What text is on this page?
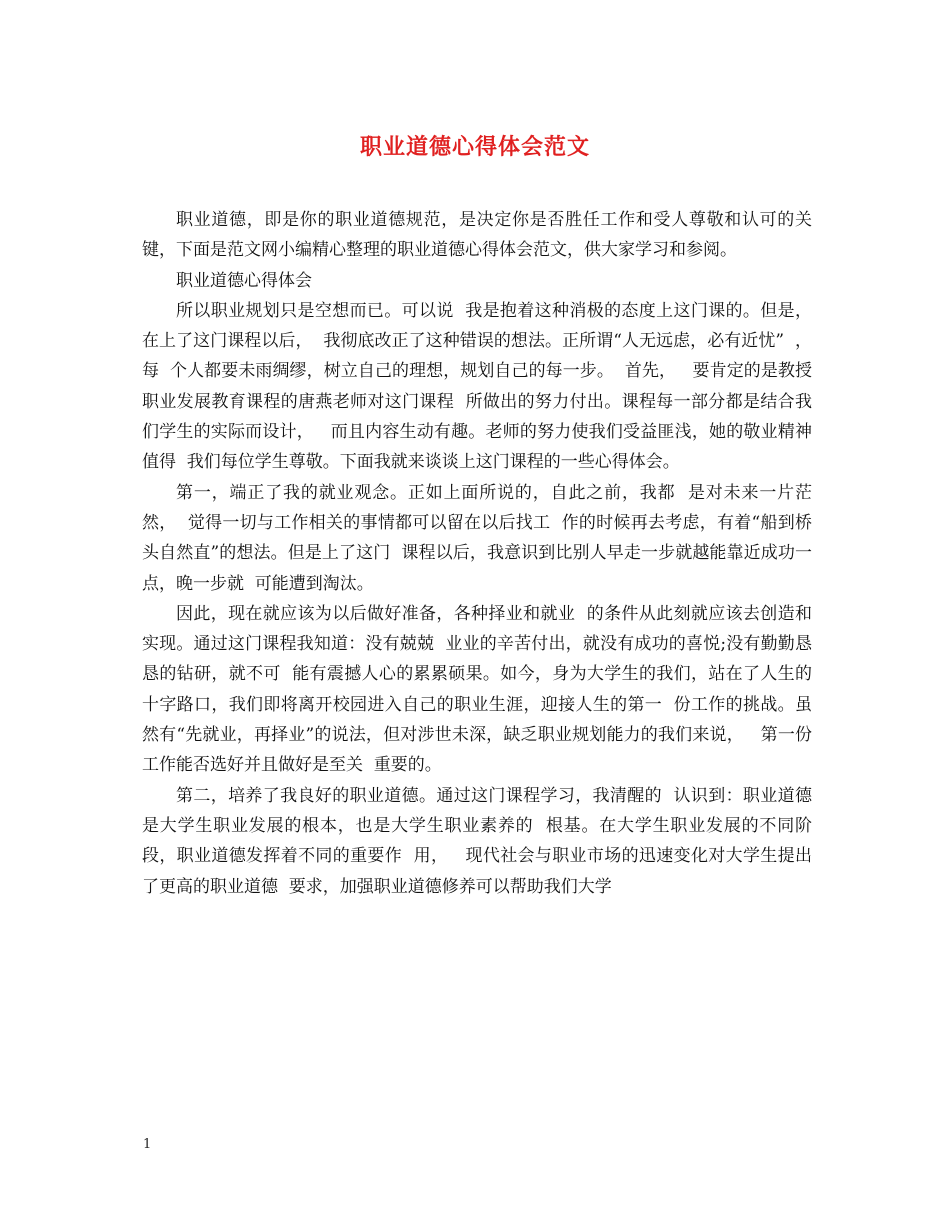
职业道德心得体会范文

职业道德，即是你的职业道德规范，是决定你是否胜任工作和受人尊敬和认可的关键，下面是范文网小编精心整理的职业道德心得体会范文，供大家学习和参阅。

职业道德心得体会

所以职业规划只是空想而已。可以说  我是抱着这种消极的态度上这门课的。但是，在上了这门课程以后，  我彻底改正了这种错误的想法。正所谓“人无远虑，必有近忧”  ，每  个人都要未雨绸缪，树立自己的理想，规划自己的每一步。  首先，   要肯定的是教授职业发展教育课程的唐燕老师对这门课程  所做出的努力付出。课程每一部分都是结合我们学生的实际而设计，   而且内容生动有趣。老师的努力使我们受益匪浅，她的敬业精神值得  我们每位学生尊敬。下面我就来谈谈上这门课程的一些心得体会。

第一，端正了我的就业观念。正如上面所说的，自此之前，我都  是对未来一片茫然，  觉得一切与工作相关的事情都可以留在以后找工  作的时候再去考虑，有着“船到桥头自然直”的想法。但是上了这门  课程以后，我意识到比别人早走一步就越能靠近成功一点，晚一步就  可能遭到淘汰。

因此，现在就应该为以后做好准备，各种择业和就业  的条件从此刻就应该去创造和实现。通过这门课程我知道：没有兢兢  业业的辛苦付出，就没有成功的喜悦;没有勤勤恳恳的钻研，就不可  能有震撼人心的累累硕果。如今，身为大学生的我们，站在了人生的  十字路口，我们即将离开校园进入自己的职业生涯，迎接人生的第一  份工作的挑战。虽然有“先就业，再择业”的说法，但对涉世未深，缺乏职业规划能力的我们来说，   第一份工作能否选好并且做好是至关  重要的。

第二，培养了我良好的职业道德。通过这门课程学习，我清醒的  认识到：职业道德是大学生职业发展的根本，也是大学生职业素养的  根基。在大学生职业发展的不同阶段，职业道德发挥着不同的重要作  用，   现代社会与职业市场的迅速变化对大学生提出了更高的职业道德  要求，加强职业道德修养可以帮助我们大学

1
